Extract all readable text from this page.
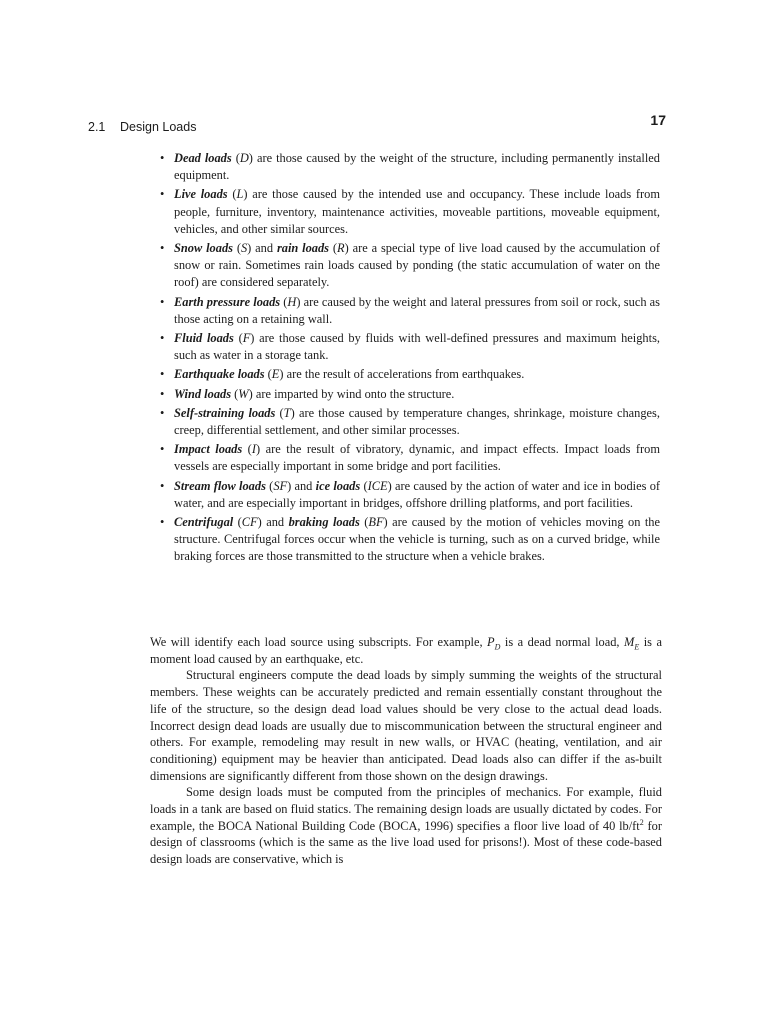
2.1 Design Loads	17
• Dead loads (D) are those caused by the weight of the structure, including permanently installed equipment.
• Live loads (L) are those caused by the intended use and occupancy. These include loads from people, furniture, inventory, maintenance activities, moveable partitions, moveable equipment, vehicles, and other similar sources.
• Snow loads (S) and rain loads (R) are a special type of live load caused by the accumulation of snow or rain. Sometimes rain loads caused by ponding (the static accumulation of water on the roof) are considered separately.
• Earth pressure loads (H) are caused by the weight and lateral pressures from soil or rock, such as those acting on a retaining wall.
• Fluid loads (F) are those caused by fluids with well-defined pressures and maximum heights, such as water in a storage tank.
• Earthquake loads (E) are the result of accelerations from earthquakes.
• Wind loads (W) are imparted by wind onto the structure.
• Self-straining loads (T) are those caused by temperature changes, shrinkage, moisture changes, creep, differential settlement, and other similar processes.
• Impact loads (I) are the result of vibratory, dynamic, and impact effects. Impact loads from vessels are especially important in some bridge and port facilities.
• Stream flow loads (SF) and ice loads (ICE) are caused by the action of water and ice in bodies of water, and are especially important in bridges, offshore drilling platforms, and port facilities.
• Centrifugal (CF) and braking loads (BF) are caused by the motion of vehicles moving on the structure. Centrifugal forces occur when the vehicle is turning, such as on a curved bridge, while braking forces are those transmitted to the structure when a vehicle brakes.

We will identify each load source using subscripts. For example, $P_D$ is a dead normal load, $M_E$ is a moment load caused by an earthquake, etc.

Structural engineers compute the dead loads by simply summing the weights of the structural members. These weights can be accurately predicted and remain essentially constant throughout the life of the structure, so the design dead load values should be very close to the actual dead loads. Incorrect design dead loads are usually due to miscommunication between the structural engineer and others. For example, remodeling may result in new walls, or HVAC (heating, ventilation, and air conditioning) equipment may be heavier than anticipated. Dead loads also can differ if the as-built dimensions are significantly different from those shown on the design drawings.

Some design loads must be computed from the principles of mechanics. For example, fluid loads in a tank are based on fluid statics. The remaining design loads are usually dictated by codes. For example, the BOCA National Building Code (BOCA, 1996) specifies a floor live load of 40 $lb/ft^2$ for design of classrooms (which is the same as the live load used for prisons!). Most of these code-based design loads are conservative, which is
